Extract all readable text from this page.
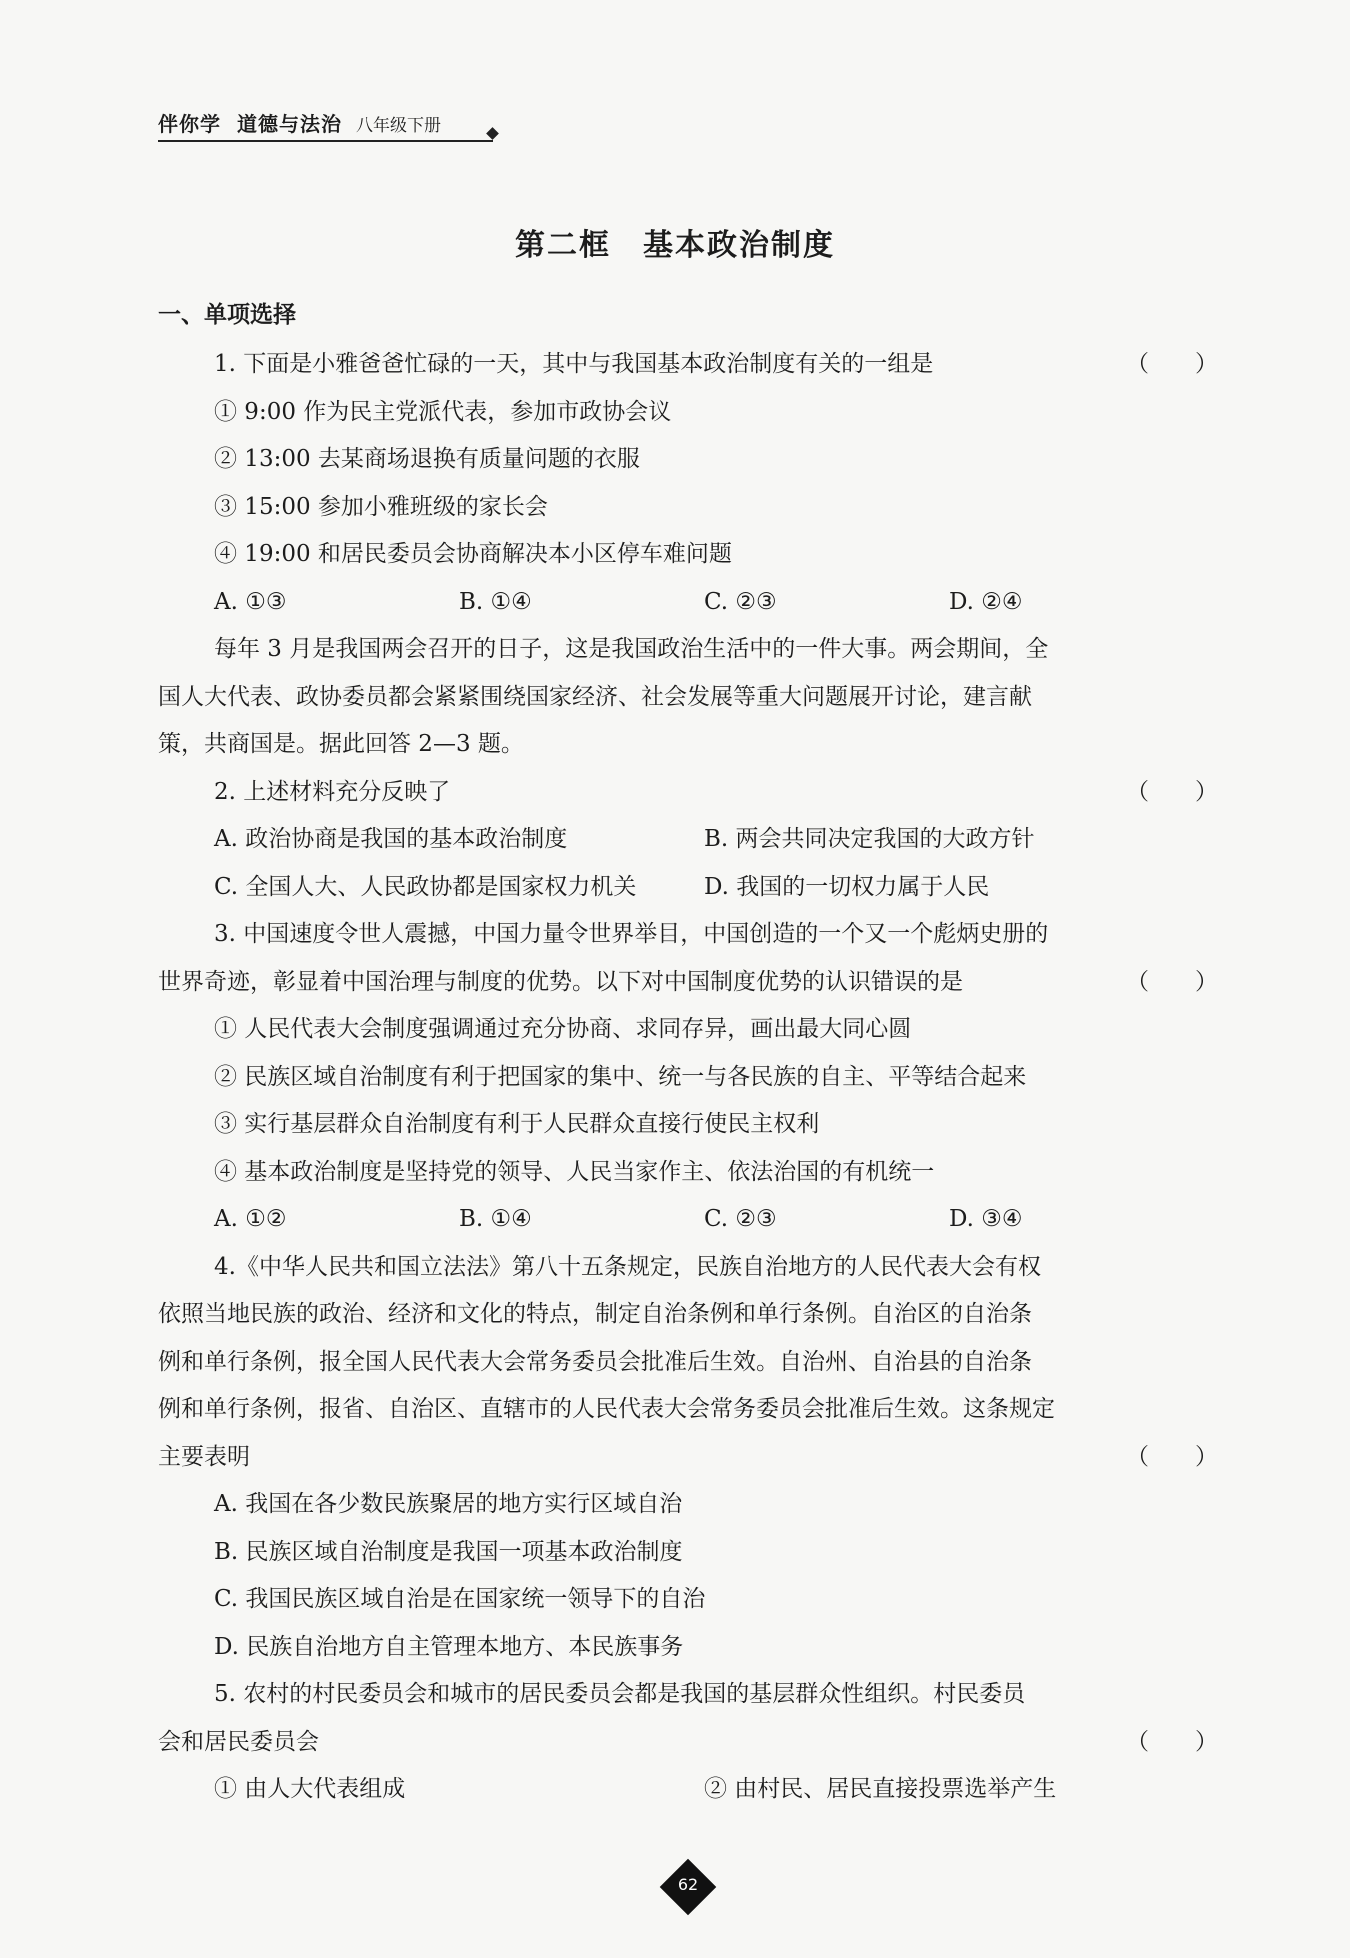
伴你学 道德与法治 八年级下册
第二框　基本政治制度
一、单项选择
1. 下面是小雅爸爸忙碌的一天，其中与我国基本政治制度有关的一组是	（　　）
① 9:00 作为民主党派代表，参加市政协会议
② 13:00 去某商场退换有质量问题的衣服
③ 15:00 参加小雅班级的家长会
④ 19:00 和居民委员会协商解决本小区停车难问题
A. ①③	B. ①④	C. ②③	D. ②④
每年 3 月是我国两会召开的日子，这是我国政治生活中的一件大事。两会期间，全
国人大代表、政协委员都会紧紧围绕国家经济、社会发展等重大问题展开讨论，建言献
策，共商国是。据此回答 2—3 题。
2. 上述材料充分反映了	（　　）
A. 政治协商是我国的基本政治制度	B. 两会共同决定我国的大政方针
C. 全国人大、人民政协都是国家权力机关	D. 我国的一切权力属于人民
3. 中国速度令世人震撼，中国力量令世界举目，中国创造的一个又一个彪炳史册的
世界奇迹，彰显着中国治理与制度的优势。以下对中国制度优势的认识错误的是	（　　）
① 人民代表大会制度强调通过充分协商、求同存异，画出最大同心圆
② 民族区域自治制度有利于把国家的集中、统一与各民族的自主、平等结合起来
③ 实行基层群众自治制度有利于人民群众直接行使民主权利
④ 基本政治制度是坚持党的领导、人民当家作主、依法治国的有机统一
A. ①②	B. ①④	C. ②③	D. ③④
4.《中华人民共和国立法法》第八十五条规定，民族自治地方的人民代表大会有权
依照当地民族的政治、经济和文化的特点，制定自治条例和单行条例。自治区的自治条
例和单行条例，报全国人民代表大会常务委员会批准后生效。自治州、自治县的自治条
例和单行条例，报省、自治区、直辖市的人民代表大会常务委员会批准后生效。这条规定
主要表明	（　　）
A. 我国在各少数民族聚居的地方实行区域自治
B. 民族区域自治制度是我国一项基本政治制度
C. 我国民族区域自治是在国家统一领导下的自治
D. 民族自治地方自主管理本地方、本民族事务
5. 农村的村民委员会和城市的居民委员会都是我国的基层群众性组织。村民委员
会和居民委员会	（　　）
① 由人大代表组成	② 由村民、居民直接投票选举产生
62
